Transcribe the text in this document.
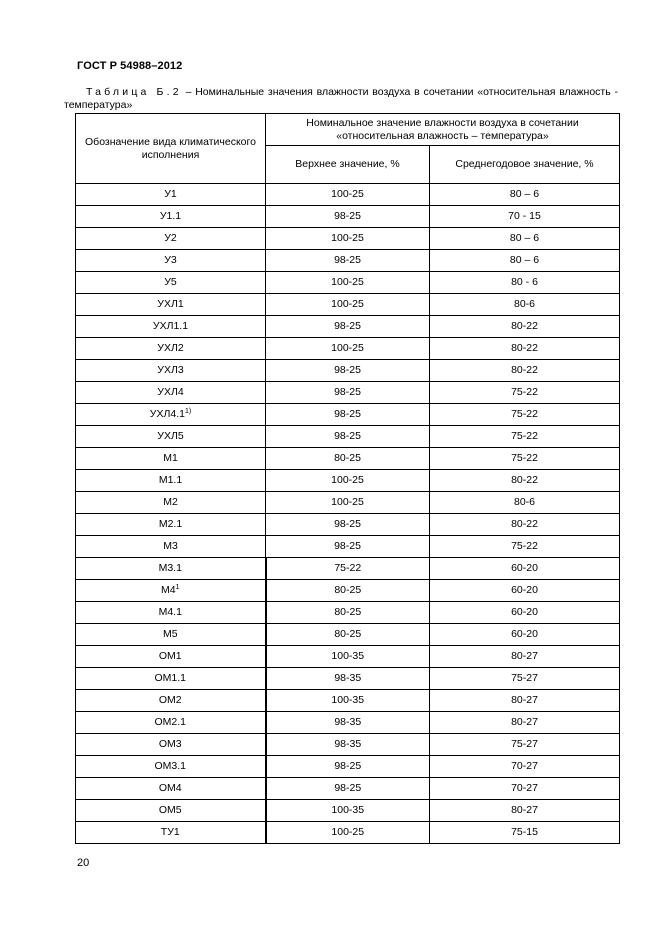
ГОСТ Р 54988–2012
Таблица Б.2 – Номинальные значения влажности воздуха в сочетании «относительная влажность - температура»
Обозначение вида климатического исполнения	Номинальное значение влажности воздуха в сочетании «относительная влажность – температура»	
	Верхнее значение, %	Среднегодовое значение, %
У1	100-25	80 – 6
У1.1	98-25	70 - 15
У2	100-25	80 – 6
У3	98-25	80 – 6
У5	100-25	80 - 6
УХЛ1	100-25	80-6
УХЛ1.1	98-25	80-22
УХЛ2	100-25	80-22
УХЛ3	98-25	80-22
УХЛ4	98-25	75-22
УХЛ4.1$^{1)}$	98-25	75-22
УХЛ5	98-25	75-22
М1	80-25	75-22
М1.1	100-25	80-22
М2	100-25	80-6
М2.1	98-25	80-22
М3	98-25	75-22
М3.1	75-22	60-20
$М4^1$	80-25	60-20
М4.1	80-25	60-20
М5	80-25	60-20
ОМ1	100-35	80-27
ОМ1.1	98-35	75-27
ОМ2	100-35	80-27
ОМ2.1	98-35	80-27
ОМ3	98-35	75-27
ОМ3.1	98-25	70-27
ОМ4	98-25	70-27
ОМ5	100-35	80-27
ТУ1	100-25	75-15
20
